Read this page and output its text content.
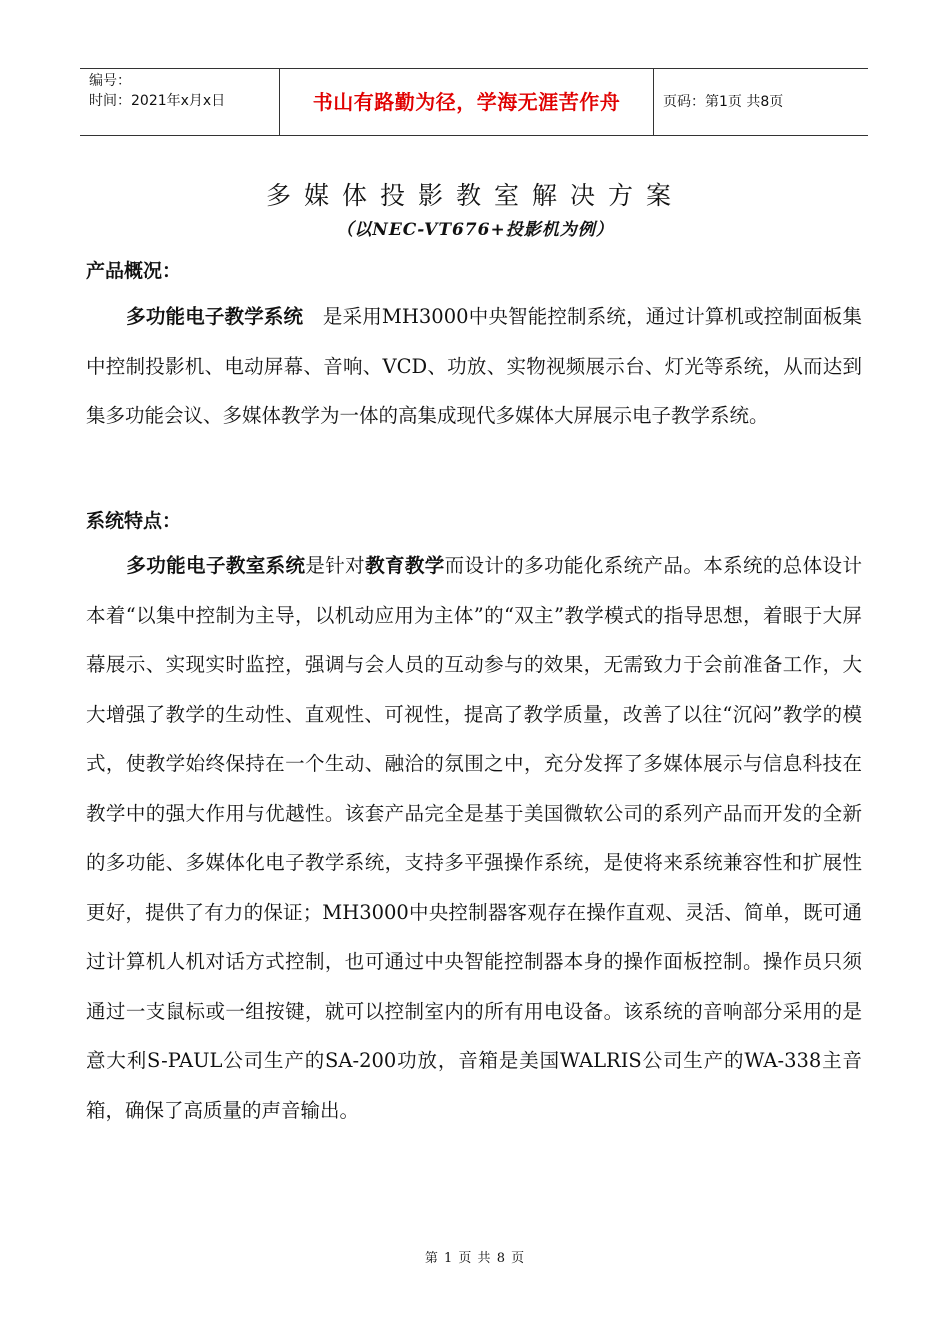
编号：
时间：2021年x月x日	书山有路勤为径，学海无涯苦作舟	页码：第1页 共8页
多媒体投影教室解决方案
（以NEC-VT676+投影机为例）
产品概况：
多功能电子教学系统　是采用MH3000中央智能控制系统，通过计算机或控制面板集中控制投影机、电动屏幕、音响、VCD、功放、实物视频展示台、灯光等系统，从而达到集多功能会议、多媒体教学为一体的高集成现代多媒体大屏展示电子教学系统。
系统特点：
多功能电子教室系统是针对教育教学而设计的多功能化系统产品。本系统的总体设计本着“以集中控制为主导，以机动应用为主体”的“双主”教学模式的指导思想，着眼于大屏幕展示、实现实时监控，强调与会人员的互动参与的效果，无需致力于会前准备工作，大大增强了教学的生动性、直观性、可视性，提高了教学质量，改善了以往“沉闷”教学的模式，使教学始终保持在一个生动、融洽的氛围之中，充分发挥了多媒体展示与信息科技在教学中的强大作用与优越性。该套产品完全是基于美国微软公司的系列产品而开发的全新的多功能、多媒体化电子教学系统，支持多平强操作系统，是使将来系统兼容性和扩展性更好，提供了有力的保证；MH3000中央控制器客观存在操作直观、灵活、简单，既可通过计算机人机对话方式控制，也可通过中央智能控制器本身的操作面板控制。操作员只须通过一支鼠标或一组按键，就可以控制室内的所有用电设备。该系统的音响部分采用的是意大利S-PAUL公司生产的SA-200功放，音箱是美国WALRIS公司生产的WA-338主音箱，确保了高质量的声音输出。
第 1 页 共 8 页
